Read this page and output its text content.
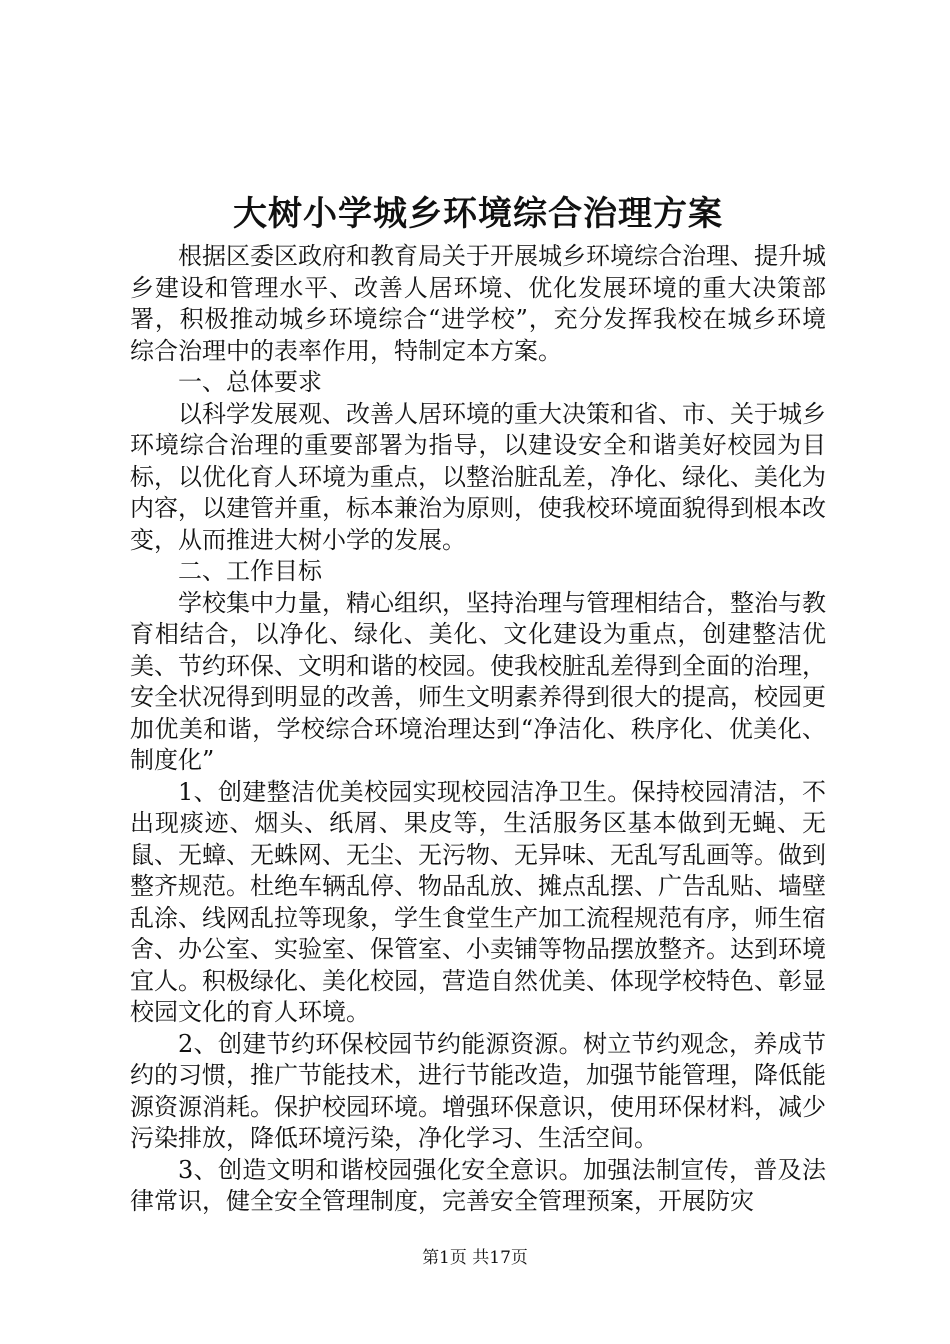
大树小学城乡环境综合治理方案

根据区委区政府和教育局关于开展城乡环境综合治理、提升城乡建设和管理水平、改善人居环境、优化发展环境的重大决策部署，积极推动城乡环境综合“进学校”，充分发挥我校在城乡环境综合治理中的表率作用，特制定本方案。

一、总体要求

以科学发展观、改善人居环境的重大决策和省、市、关于城乡环境综合治理的重要部署为指导，以建设安全和谐美好校园为目标，以优化育人环境为重点，以整治脏乱差，净化、绿化、美化为内容，以建管并重，标本兼治为原则，使我校环境面貌得到根本改变，从而推进大树小学的发展。

二、工作目标

学校集中力量，精心组织，坚持治理与管理相结合，整治与教育相结合，以净化、绿化、美化、文化建设为重点，创建整洁优美、节约环保、文明和谐的校园。使我校脏乱差得到全面的治理，安全状况得到明显的改善，师生文明素养得到很大的提高，校园更加优美和谐，学校综合环境治理达到“净洁化、秩序化、优美化、制度化”

1、创建整洁优美校园实现校园洁净卫生。保持校园清洁，不出现痰迹、烟头、纸屑、果皮等，生活服务区基本做到无蝇、无鼠、无蟑、无蛛网、无尘、无污物、无异味、无乱写乱画等。做到整齐规范。杜绝车辆乱停、物品乱放、摊点乱摆、广告乱贴、墙壁乱涂、线网乱拉等现象，学生食堂生产加工流程规范有序，师生宿舍、办公室、实验室、保管室、小卖铺等物品摆放整齐。达到环境宜人。积极绿化、美化校园，营造自然优美、体现学校特色、彰显校园文化的育人环境。

2、创建节约环保校园节约能源资源。树立节约观念，养成节约的习惯，推广节能技术，进行节能改造，加强节能管理，降低能源资源消耗。保护校园环境。增强环保意识，使用环保材料，减少污染排放，降低环境污染，净化学习、生活空间。

3、创造文明和谐校园强化安全意识。加强法制宣传，普及法律常识，健全安全管理制度，完善安全管理预案，开展防灾

第1页 共17页
